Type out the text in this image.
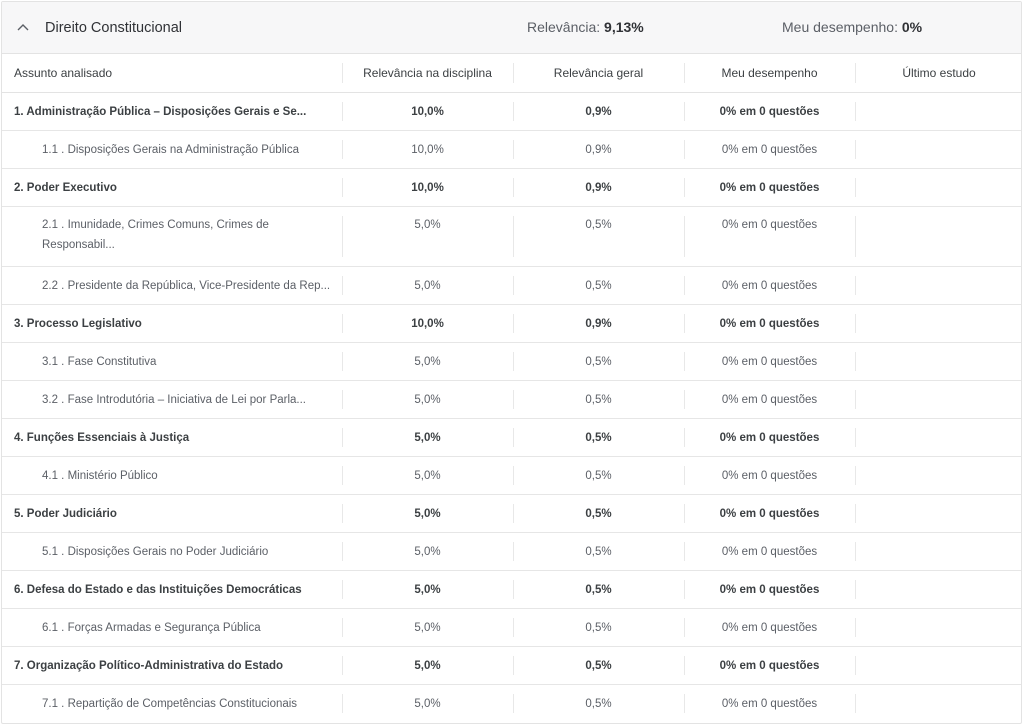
Direito Constitucional	Relevância: 9,13%	Meu desempenho: 0%
Assunto analisado	Relevância na disciplina	Relevância geral	Meu desempenho	Último estudo
1. Administração Pública – Disposições Gerais e Se...	10,0%	0,9%	0% em 0 questões	
1.1 . Disposições Gerais na Administração Pública	10,0%	0,9%	0% em 0 questões	
2. Poder Executivo	10,0%	0,9%	0% em 0 questões	
2.1 . Imunidade, Crimes Comuns, Crimes de Responsabil...	5,0%	0,5%	0% em 0 questões	
2.2 . Presidente da República, Vice-Presidente da Rep...	5,0%	0,5%	0% em 0 questões	
3. Processo Legislativo	10,0%	0,9%	0% em 0 questões	
3.1 . Fase Constitutiva	5,0%	0,5%	0% em 0 questões	
3.2 . Fase Introdutória – Iniciativa de Lei por Parla...	5,0%	0,5%	0% em 0 questões	
4. Funções Essenciais à Justiça	5,0%	0,5%	0% em 0 questões	
4.1 . Ministério Público	5,0%	0,5%	0% em 0 questões	
5. Poder Judiciário	5,0%	0,5%	0% em 0 questões	
5.1 . Disposições Gerais no Poder Judiciário	5,0%	0,5%	0% em 0 questões	
6. Defesa do Estado e das Instituições Democráticas	5,0%	0,5%	0% em 0 questões	
6.1 . Forças Armadas e Segurança Pública	5,0%	0,5%	0% em 0 questões	
7. Organização Político-Administrativa do Estado	5,0%	0,5%	0% em 0 questões	
7.1 . Repartição de Competências Constitucionais	5,0%	0,5%	0% em 0 questões	
